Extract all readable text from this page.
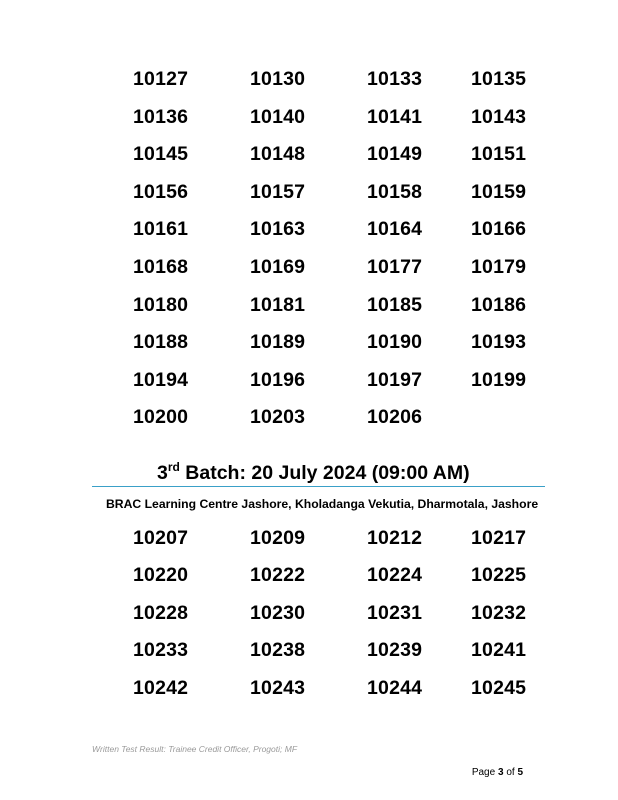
10127	10130	10133	10135
10136	10140	10141	10143
10145	10148	10149	10151
10156	10157	10158	10159
10161	10163	10164	10166
10168	10169	10177	10179
10180	10181	10185	10186
10188	10189	10190	10193
10194	10196	10197	10199
10200	10203	10206
3rd Batch: 20 July 2024 (09:00 AM)
BRAC Learning Centre Jashore, Kholadanga Vekutia, Dharmotala, Jashore
10207	10209	10212	10217
10220	10222	10224	10225
10228	10230	10231	10232
10233	10238	10239	10241
10242	10243	10244	10245
Written Test Result: Trainee Credit Officer, Progoti; MF
Page 3 of 5
